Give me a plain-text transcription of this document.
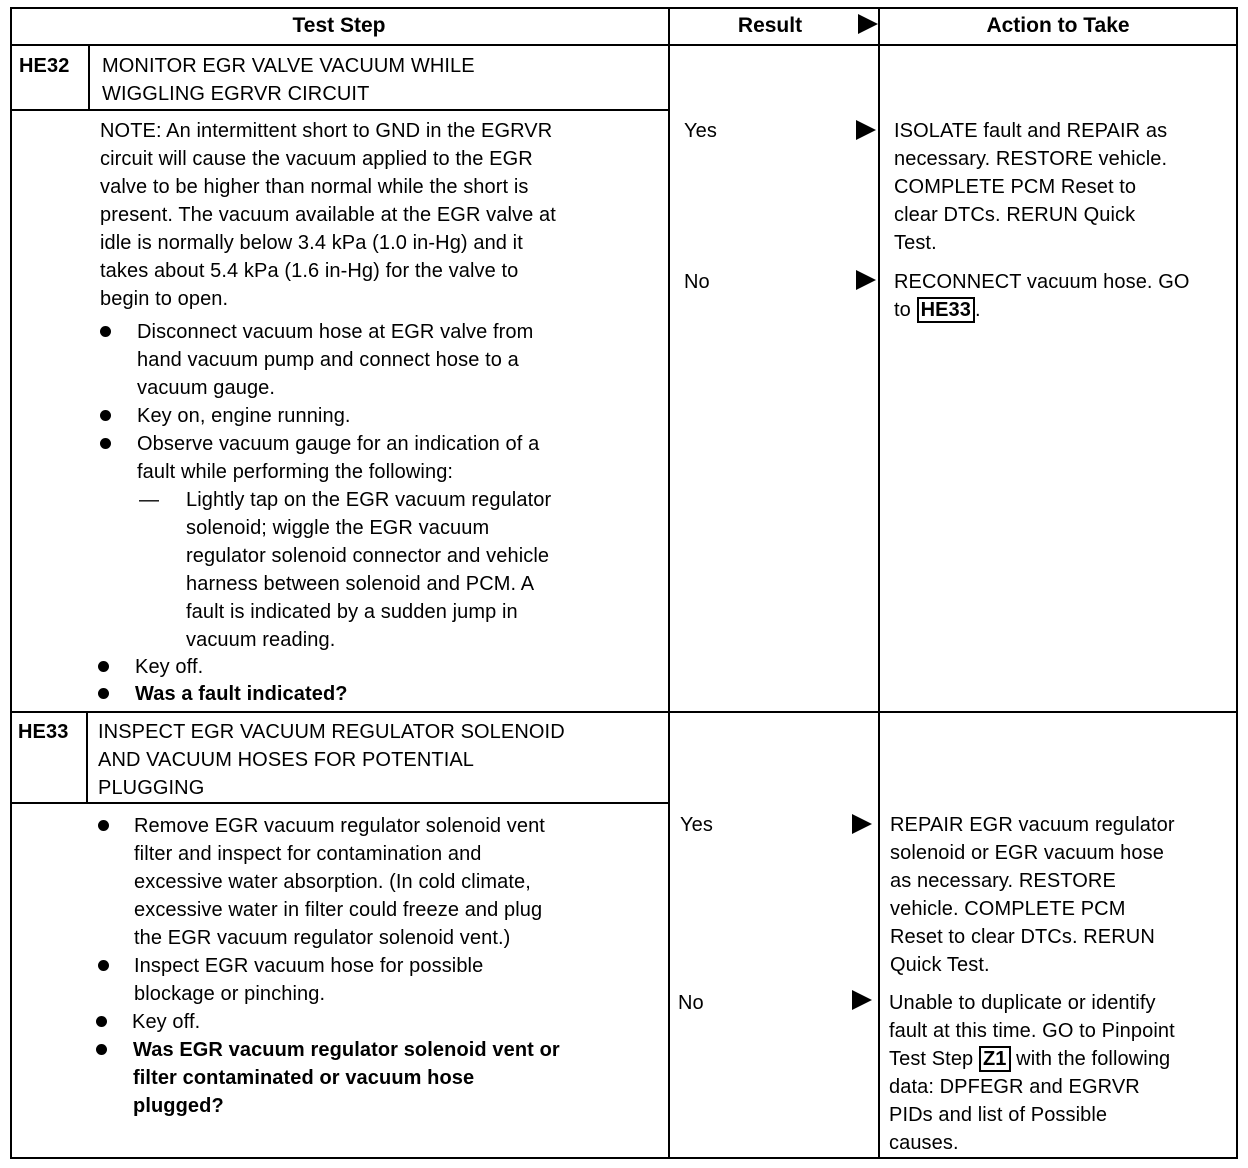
Test Step	Result	Action to Take
HE32 MONITOR EGR VALVE VACUUM WHILE
WIGGLING EGRVR CIRCUIT
NOTE: An intermittent short to GND in the EGRVR
circuit will cause the vacuum applied to the EGR
valve to be higher than normal while the short is
present. The vacuum available at the EGR valve at
idle is normally below 3.4 kPa (1.0 in-Hg) and it
takes about 5.4 kPa (1.6 in-Hg) for the valve to
begin to open.
Disconnect vacuum hose at EGR valve from
hand vacuum pump and connect hose to a
vacuum gauge.
Key on, engine running.
Observe vacuum gauge for an indication of a
fault while performing the following:
— Lightly tap on the EGR vacuum regulator
solenoid; wiggle the EGR vacuum
regulator solenoid connector and vehicle
harness between solenoid and PCM. A
fault is indicated by a sudden jump in
vacuum reading.
Key off.
Was a fault indicated?
Yes
No
ISOLATE fault and REPAIR as
necessary. RESTORE vehicle.
COMPLETE PCM Reset to
clear DTCs. RERUN Quick
Test.
RECONNECT vacuum hose. GO
to HE33 .
HE33 INSPECT EGR VACUUM REGULATOR SOLENOID
AND VACUUM HOSES FOR POTENTIAL
PLUGGING
Remove EGR vacuum regulator solenoid vent
filter and inspect for contamination and
excessive water absorption. (In cold climate,
excessive water in filter could freeze and plug
the EGR vacuum regulator solenoid vent.)
Inspect EGR vacuum hose for possible
blockage or pinching.
Key off.
Was EGR vacuum regulator solenoid vent or
filter contaminated or vacuum hose
plugged?
Yes
No
REPAIR EGR vacuum regulator
solenoid or EGR vacuum hose
as necessary. RESTORE
vehicle. COMPLETE PCM
Reset to clear DTCs. RERUN
Quick Test.
Unable to duplicate or identify
fault at this time. GO to Pinpoint
Test Step Z1 with the following
data: DPFEGR and EGRVR
PIDs and list of Possible
causes.
